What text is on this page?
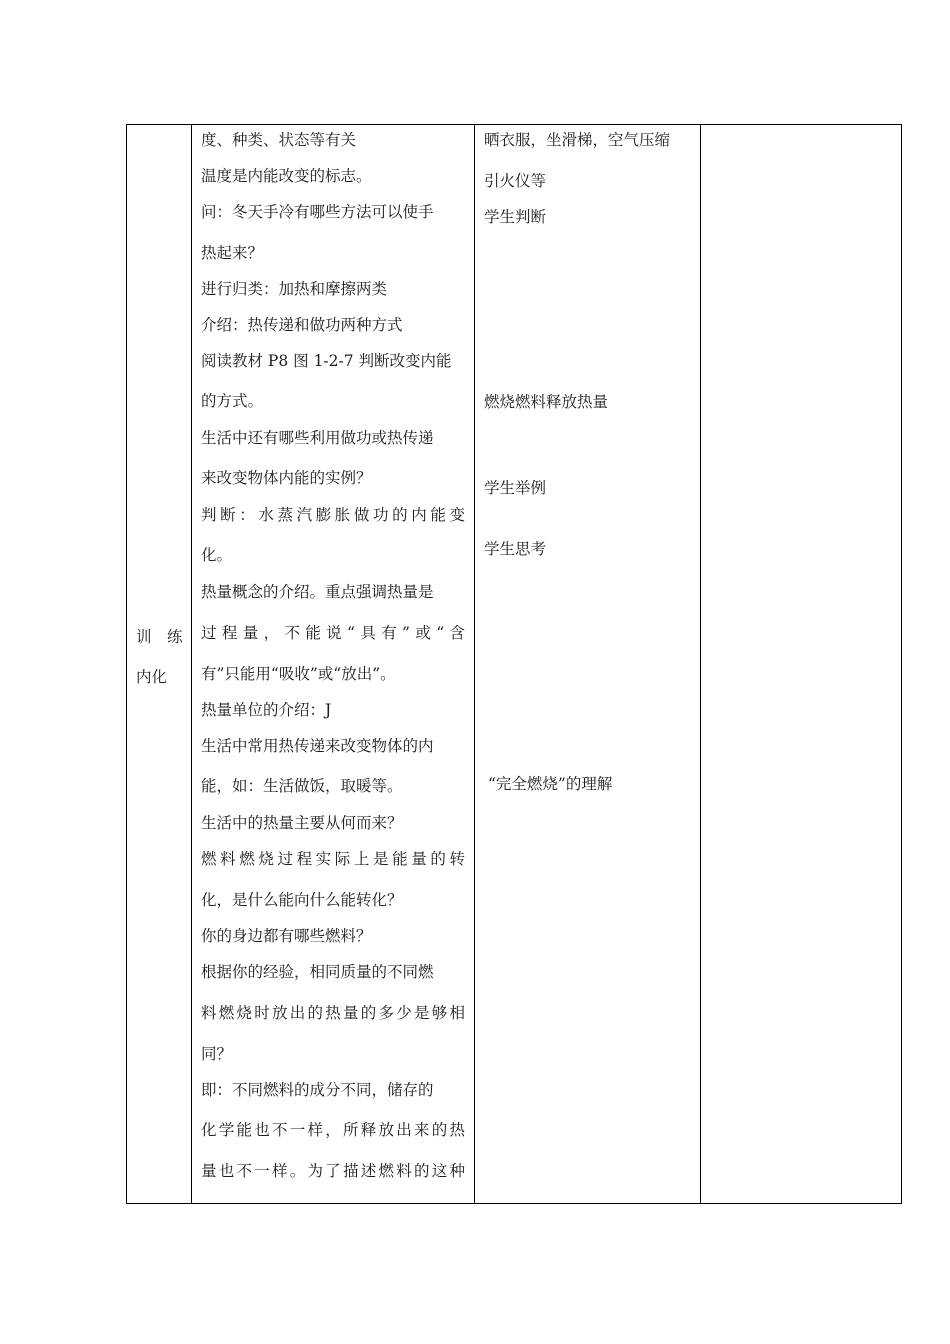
训　练
内化
度、种类、状态等有关
温度是内能改变的标志。
问：冬天手冷有哪些方法可以使手
热起来？
进行归类：加热和摩擦两类
介绍：热传递和做功两种方式
阅读教材 P8 图 1-2-7 判断改变内能
的方式。
生活中还有哪些利用做功或热传递
来改变物体内能的实例？
判断：水蒸汽膨胀做功的内能变
化。
热量概念的介绍。重点强调热量是
过程量，不能说“具有”或“含
有”只能用“吸收”或“放出”。
热量单位的介绍：J
生活中常用热传递来改变物体的内
能，如：生活做饭，取暖等。
生活中的热量主要从何而来？
燃料燃烧过程实际上是能量的转
化，是什么能向什么能转化？
你的身边都有哪些燃料？
根据你的经验，相同质量的不同燃
料燃烧时放出的热量的多少是够相
同？
即：不同燃料的成分不同，储存的
化学能也不一样，所释放出来的热
量也不一样。为了描述燃料的这种
晒衣服，坐滑梯，空气压缩
引火仪等
学生判断
燃烧燃料释放热量
学生举例
学生思考
“完全燃烧”的理解
